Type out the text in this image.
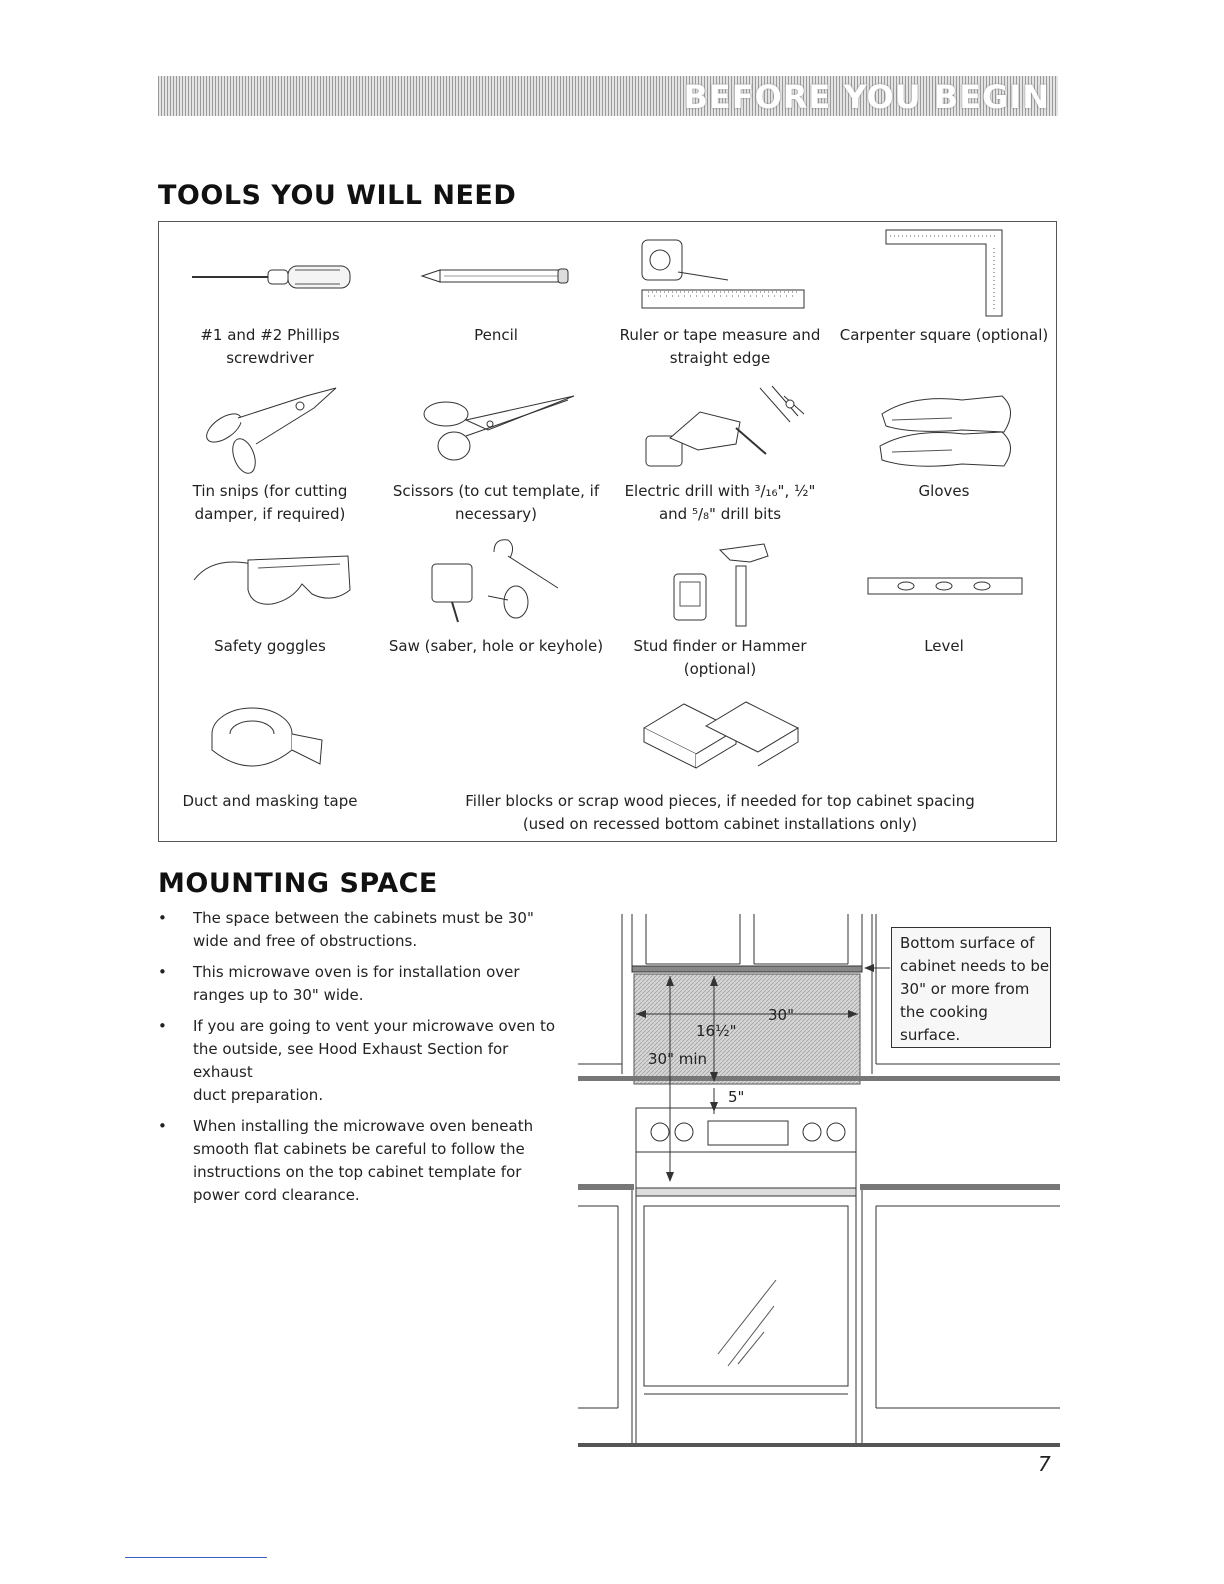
BEFORE YOU BEGIN
TOOLS YOU WILL NEED
#1 and #2 Phillips
screwdriver
Pencil	Ruler or tape measure and
straight edge
Carpenter square (optional)
Tin snips (for cutting
damper, if required)
Scissors (to cut template, if
necessary)
Electric drill with ³/₁₆", ½"
and ⁵/₈" drill bits
Gloves
Safety goggles	Saw (saber, hole or keyhole)	Stud finder or Hammer
(optional)
Level
Duct and masking tape	Filler blocks or scrap wood pieces, if needed for top cabinet spacing
(used on recessed bottom cabinet installations only)
MOUNTING SPACE
• The space between the cabinets must be 30"
wide and free of obstructions.
• This microwave oven is for installation over
ranges up to 30" wide.
• If you are going to vent your microwave oven to
the outside, see Hood Exhaust Section for exhaust
duct preparation.
• When installing the microwave oven beneath
smooth flat cabinets be careful to follow the
instructions on the top cabinet template for
power cord clearance.
30"
16½"
30" min
5"
Bottom surface of
cabinet needs to be
30" or more from
the cooking surface.
7
